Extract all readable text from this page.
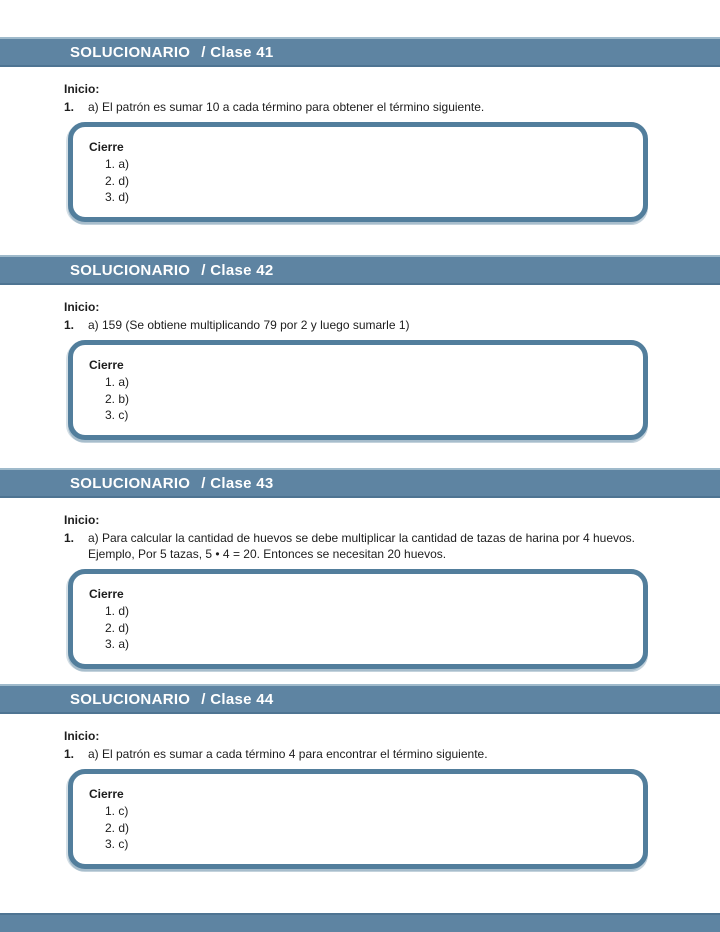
SOLUCIONARIO / Clase 41
Inicio:
1.	a) El patrón es sumar 10 a cada término para obtener el término siguiente.
Cierre
1. a)
2. d)
3. d)
SOLUCIONARIO / Clase 42
Inicio:
1.	a) 159 (Se obtiene multiplicando 79 por 2 y luego sumarle 1)
Cierre
1. a)
2. b)
3. c)
SOLUCIONARIO / Clase 43
Inicio:
1.	a) Para calcular la cantidad de huevos se debe multiplicar la cantidad de tazas de harina por 4 huevos.
Ejemplo, Por 5 tazas, 5 • 4 = 20. Entonces se necesitan 20 huevos.
Cierre
1. d)
2. d)
3. a)
SOLUCIONARIO / Clase 44
Inicio:
1.	a) El patrón es sumar a cada término 4 para encontrar el término siguiente.
Cierre
1. c)
2. d)
3. c)
